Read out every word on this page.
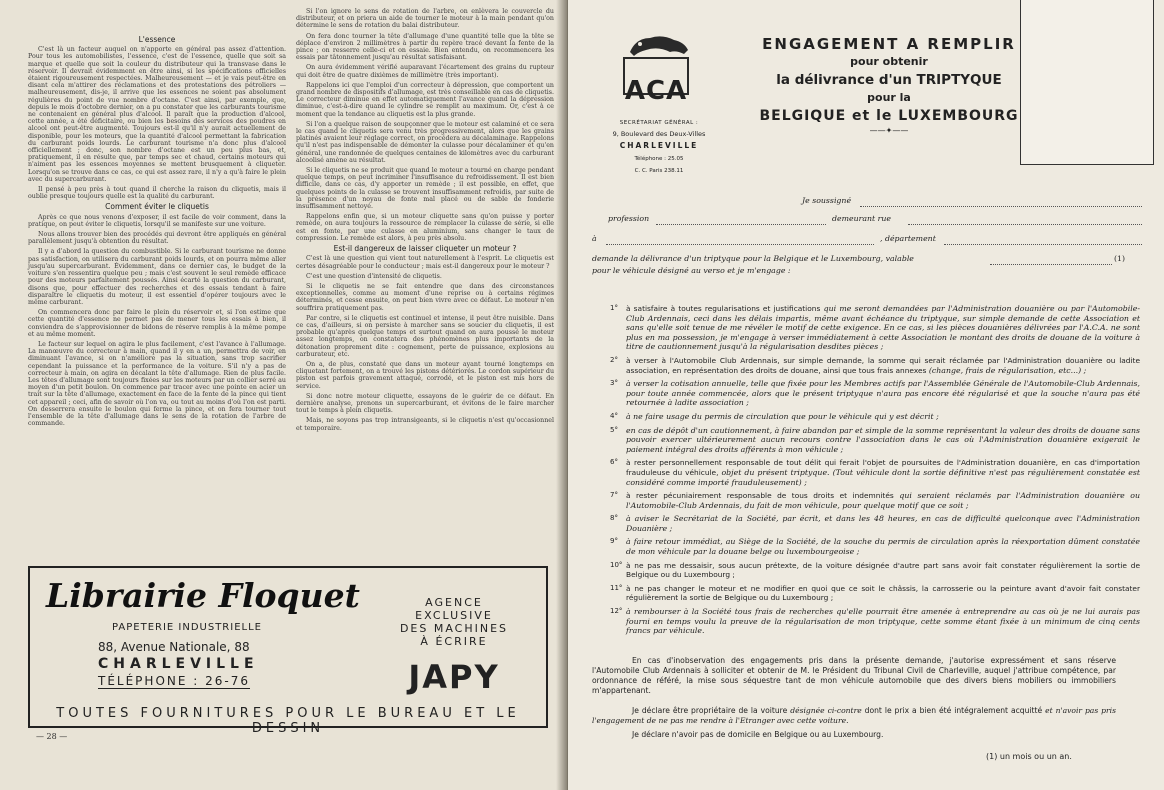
L'essence

C'est là un facteur auquel on n'apporte en général pas assez d'attention. Pour tous les automobilistes, l'essence, c'est de l'essence, quelle que soit sa marque et quelle que soit la couleur du distributeur qui la transvase dans le réservoir. Il devrait évidemment en être ainsi, si les spécifications officielles étaient rigoureusement respectées. Malheureusement — et je vais peut-être en disant cela m'attirer des réclamations et des protestations des pétroliers — malheureusement, dis-je, il arrive que les essences ne soient pas absolument régulières du point de vue nombre d'octane. C'est ainsi, par exemple, que, depuis le mois d'octobre dernier, on a pu constater que les carburants tourisme ne contenaient en général plus d'alcool. Il paraît que la production d'alcool, cette année, a été déficitaire, ou bien les besoins des services des poudres en alcool ont peut-être augmenté. Toujours est-il qu'il n'y aurait actuellement de disponible, pour les moteurs, que la quantité d'alcool permettant la fabrication du carburant poids lourds. Le carburant tourisme n'a donc plus d'alcool officiellement ; donc, son nombre d'octane est un peu plus bas, et, pratiquement, il en résulte que, par temps sec et chaud, certains moteurs qui n'aiment pas les essences moyennes se mettent brusquement à cliqueter. Lorsqu'on se trouve dans ce cas, ce qui est assez rare, il n'y a qu'à faire le plein avec du supercarburant.

Il pensé à peu près à tout quand il cherche la raison du cliquetis, mais il oublie presque toujours quelle est la qualité du carburant.

Comment éviter le cliquetis

Après ce que nous venons d'exposer, il est facile de voir comment, dans la pratique, on peut éviter le cliquetis, lorsqu'il se manifeste sur une voiture.

Nous allons trouver bien des procédés qui devront être appliqués en général parallèlement jusqu'à obtention du résultat.

Il y a d'abord la question du combustible. Si le carburant tourisme ne donne pas satisfaction, on utilisera du carburant poids lourds, et on pourra même aller jusqu'au supercarburant. Évidemment, dans ce dernier cas, le budget de la voiture s'en ressentira quelque peu ; mais c'est souvent le seul remède efficace pour des moteurs parfaitement poussés. Ainsi écarté la question du carburant, disons que, pour effectuer des recherches et des essais tendant à faire disparaître le cliquetis du moteur, il est essentiel d'opérer toujours avec le même carburant.

On commencera donc par faire le plein du réservoir et, si l'on estime que cette quantité d'essence ne permet pas de mener tous les essais à bien, il conviendra de s'approvisionner de bidons de réserve remplis à la même pompe et au même moment.

Le facteur sur lequel on agira le plus facilement, c'est l'avance à l'allumage. La manœuvre du correcteur à main, quand il y en a un, permettra de voir, en diminuant l'avance, si on n'améliore pas la situation, sans trop sacrifier cependant la puissance et la performance de la voiture. S'il n'y a pas de correcteur à main, on agira en décalant la tête d'allumage. Rien de plus facile. Les têtes d'allumage sont toujours fixées sur les moteurs par un collier serré au moyen d'un petit boulon. On commence par tracer avec une pointe en acier un trait sur la tête d'allumage, exactement en face de la fente de la pince qui tient cet appareil ; ceci, afin de savoir où l'on va, ou tout au moins d'où l'on est parti. On desserrera ensuite le boulon qui ferme la pince, et on fera tourner tout l'ensemble de la tête d'allumage dans le sens de la rotation de l'arbre de commande.

Si l'on ignore le sens de rotation de l'arbre, on enlèvera le couvercle du distributeur, et on priera un aide de tourner le moteur à la main pendant qu'on détermine le sens de rotation du balai distributeur.

On fera donc tourner la tête d'allumage d'une quantité telle que la tête se déplace d'environ 2 millimètres à partir du repère tracé devant la fente de la pince ; on resserre celle-ci et on essaie. Bien entendu, on recommencera les essais par tâtonnement jusqu'au résultat satisfaisant.

On aura évidemment vérifié auparavant l'écartement des grains du rupteur qui doit être de quatre dixièmes de millimètre (très important).

Rappelons ici que l'emploi d'un correcteur à dépression, que comportent un grand nombre de dispositifs d'allumage, est très conseillable en cas de cliquetis. Le correcteur diminue en effet automatiquement l'avance quand la dépression diminue, c'est-à-dire quand le cylindre se remplit au maximum. Or, c'est à ce moment que la tendance au cliquetis est la plus grande.

Si l'on a quelque raison de soupçonner que le moteur est calaminé et ce sera le cas quand le cliquetis sera venu très progressivement, alors que les grains platinés avaient leur réglage correct, on procédera au décalaminage. Rappelons qu'il n'est pas indispensable de démonter la culasse pour décalaminer et qu'en général, une randonnée de quelques centaines de kilomètres avec du carburant alcoolisé amène au résultat.

Si le cliquetis ne se produit que quand le moteur a tourné en charge pendant quelque temps, on peut incriminer l'insuffisance du refroidissement. Il est bien difficile, dans ce cas, d'y apporter un remède ; il est possible, en effet, que quelques points de la culasse se trouvent insuffisamment refroidis, par suite de la présence d'un noyau de fonte mal placé ou de sable de fonderie insuffisamment nettoyé.

Rappelons enfin que, si un moteur cliquette sans qu'on puisse y porter remède, on aura toujours la ressource de remplacer la culasse de série, si elle est en fonte, par une culasse en aluminium, sans changer le taux de compression. Le remède est alors, à peu près absolu.

Est-il dangereux de laisser cliqueter un moteur ?

C'est là une question qui vient tout naturellement à l'esprit. Le cliquetis est certes désagréable pour le conducteur ; mais est-il dangereux pour le moteur ?

C'est une question d'intensité de cliquetis.

Si le cliquetis ne se fait entendre que dans des circonstances exceptionnelles, comme au moment d'une reprise ou à certains régimes déterminés, et cesse ensuite, on peut bien vivre avec ce défaut. Le moteur n'en souffrira pratiquement pas.

Par contre, si le cliquetis est continuel et intense, il peut être nuisible. Dans ce cas, d'ailleurs, si on persiste à marcher sans se soucier du cliquetis, il est probable qu'après quelque temps et surtout quand on aura poussé le moteur assez longtemps, on constatera des phénomènes plus importants de la détonation proprement dite : cognement, perte de puissance, explosions au carburateur, etc.

On a, de plus, constaté que dans un moteur ayant tourné longtemps en cliquetant fortement, on a trouvé les pistons détériorés. Le cordon supérieur du piston est parfois gravement attaqué, corrodé, et le piston est mis hors de service.

Si donc notre moteur cliquette, essayons de le guérir de ce défaut. En dernière analyse, prenons un supercarburant, et évitons de le faire marcher tout le temps à plein cliquetis.

Mais, ne soyons pas trop intransigeants, si le cliquetis n'est qu'occasionnel et temporaire.

Librairie Floquet
PAPETERIE INDUSTRIELLE
88, Avenue Nationale, 88
CHARLEVILLE
TÉLÉPHONE : 26-76
AGENCE
EXCLUSIVE
DES MACHINES
À ÉCRIRE
JAPY
TOUTES FOURNITURES POUR LE BUREAU ET LE DESSIN
— 28 —
ACA
SECRÉTARIAT GÉNÉRAL :
9, Boulevard des Deux-Villes
CHARLEVILLE
Téléphone : 25.05
C. C. Paris 238.11
ENGAGEMENT A REMPLIR
pour obtenir
la délivrance d'un TRIPTYQUE
pour la
BELGIQUE et le LUXEMBOURG
——✦——
Je soussigné
profession	demeurant rue
à	, département
demande la délivrance d'un triptyque pour la Belgique et le Luxembourg, valable	(1)
pour le véhicule désigné au verso et je m'engage :
1° à satisfaire à toutes regularisations et justifications qui me seront demandées par l'Administration douanière ou par l'Automobile-Club Ardennais, ceci dans les délais impartis, même avant échéance du triptyque, sur simple demande de cette Association et sans qu'elle soit tenue de me révéler le motif de cette exigence. En ce cas, si les pièces douanières délivrées par l'A.C.A. ne sont plus en ma possession, je m'engage à verser immédiatement à cette Association le montant des droits de douane de la voiture à titre de cautionnement jusqu'à la régularisation desdites pièces ;
2° à verser à l'Automobile Club Ardennais, sur simple demande, la somme qui serait réclamée par l'Administration douanière ou ladite association, en représentation des droits de douane, ainsi que tous frais annexes (change, frais de régularisation, etc...) ;
3° à verser la cotisation annuelle, telle que fixée pour les Membres actifs par l'Assemblée Générale de l'Automobile-Club Ardennais, pour toute année commencée, alors que le présent triptyque n'aura pas encore été régularisé et que la souche n'aura pas été retournée à ladite association ;
4° à ne faire usage du permis de circulation que pour le véhicule qui y est décrit ;
5° en cas de dépôt d'un cautionnement, à faire abandon par et simple de la somme représentant la valeur des droits de douane sans pouvoir exercer ultérieurement aucun recours contre l'association dans le cas où l'Administration douanière exigerait le paiement intégral des droits afférents à mon véhicule ;
6° à rester personnellement responsable de tout délit qui ferait l'objet de poursuites de l'Administration douanière, en cas d'importation frauduleuse du véhicule, objet du présent triptyque. (Tout véhicule dont la sortie définitive n'est pas régulièrement constatée est considéré comme importé frauduleusement) ;
7° à rester pécuniairement responsable de tous droits et indemnités qui seraient réclamés par l'Administration douanière ou l'Automobile-Club Ardennais, du fait de mon véhicule, pour quelque motif que ce soit ;
8° à aviser le Secrétariat de la Société, par écrit, et dans les 48 heures, en cas de difficulté quelconque avec l'Administration Douanière ;
9° à faire retour immédiat, au Siège de la Société, de la souche du permis de circulation après la réexportation dûment constatée de mon véhicule par la douane belge ou luxembourgeoise ;
10° à ne pas me dessaisir, sous aucun prétexte, de la voiture désignée d'autre part sans avoir fait constater régulièrement la sortie de Belgique ou du Luxembourg ;
11° à ne pas changer le moteur et ne modifier en quoi que ce soit le châssis, la carrosserie ou la peinture avant d'avoir fait constater régulièrement la sortie de Belgique ou du Luxembourg ;
12° à rembourser à la Société tous frais de recherches qu'elle pourrait être amenée à entreprendre au cas où je ne lui aurais pas fourni en temps voulu la preuve de la régularisation de mon triptyque, cette somme étant fixée à un minimum de cinq cents francs par véhicule.
En cas d'inobservation des engagements pris dans la présente demande, j'autorise expressément et sans réserve l'Automobile Club Ardennais à solliciter et obtenir de M. le Président du Tribunal Civil de Charleville, auquel j'attribue compétence, par ordonnance de référé, la mise sous séquestre tant de mon véhicule automobile que des divers biens mobiliers ou immobiliers m'appartenant.
Je déclare être propriétaire de la voiture désignée ci-contre dont le prix a bien été intégralement acquitté et n'avoir pas pris l'engagement de ne pas me rendre à l'Etranger avec cette voiture.
Je déclare n'avoir pas de domicile en Belgique ou au Luxembourg.
(1) un mois ou un an.
